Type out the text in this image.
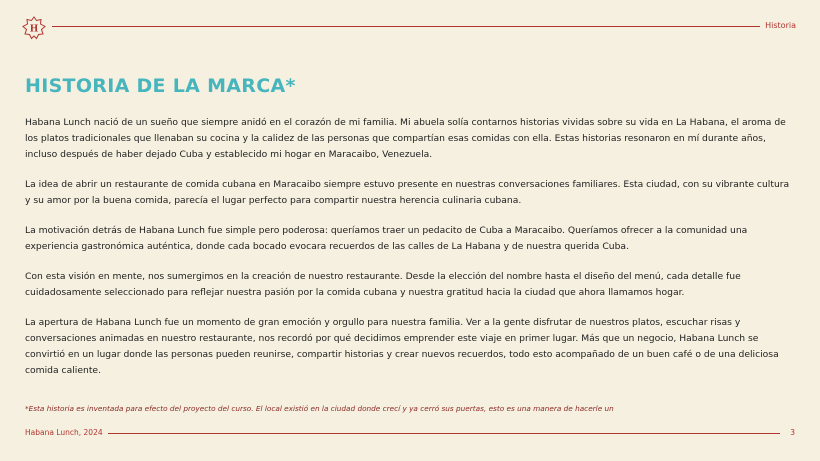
H	Historia
HISTORIA DE LA MARCA*

Habana Lunch nació de un sueño que siempre anidó en el corazón de mi familia. Mi abuela solía contarnos historias vividas sobre su vida en La Habana, el aroma de los platos tradicionales que llenaban su cocina y la calidez de las personas que compartían esas comidas con ella. Estas historias resonaron en mí durante años, incluso después de haber dejado Cuba y establecido mi hogar en Maracaibo, Venezuela.

La idea de abrir un restaurante de comida cubana en Maracaibo siempre estuvo presente en nuestras conversaciones familiares. Esta ciudad, con su vibrante cultura y su amor por la buena comida, parecía el lugar perfecto para compartir nuestra herencia culinaria cubana.

La motivación detrás de Habana Lunch fue simple pero poderosa: queríamos traer un pedacito de Cuba a Maracaibo. Queríamos ofrecer a la comunidad una experiencia gastronómica auténtica, donde cada bocado evocara recuerdos de las calles de La Habana y de nuestra querida Cuba.

Con esta visión en mente, nos sumergimos en la creación de nuestro restaurante. Desde la elección del nombre hasta el diseño del menú, cada detalle fue cuidadosamente seleccionado para reflejar nuestra pasión por la comida cubana y nuestra gratitud hacia la ciudad que ahora llamamos hogar.

La apertura de Habana Lunch fue un momento de gran emoción y orgullo para nuestra familia. Ver a la gente disfrutar de nuestros platos, escuchar risas y conversaciones animadas en nuestro restaurante, nos recordó por qué decidimos emprender este viaje en primer lugar. Más que un negocio, Habana Lunch se convirtió en un lugar donde las personas pueden reunirse, compartir historias y crear nuevos recuerdos, todo esto acompañado de un buen café o de una deliciosa comida caliente.

*Esta historia es inventada para efecto del proyecto del curso. El local existió en la ciudad donde crecí y ya cerró sus puertas, esto es una manera de hacerle un
Habana Lunch, 2024	3
